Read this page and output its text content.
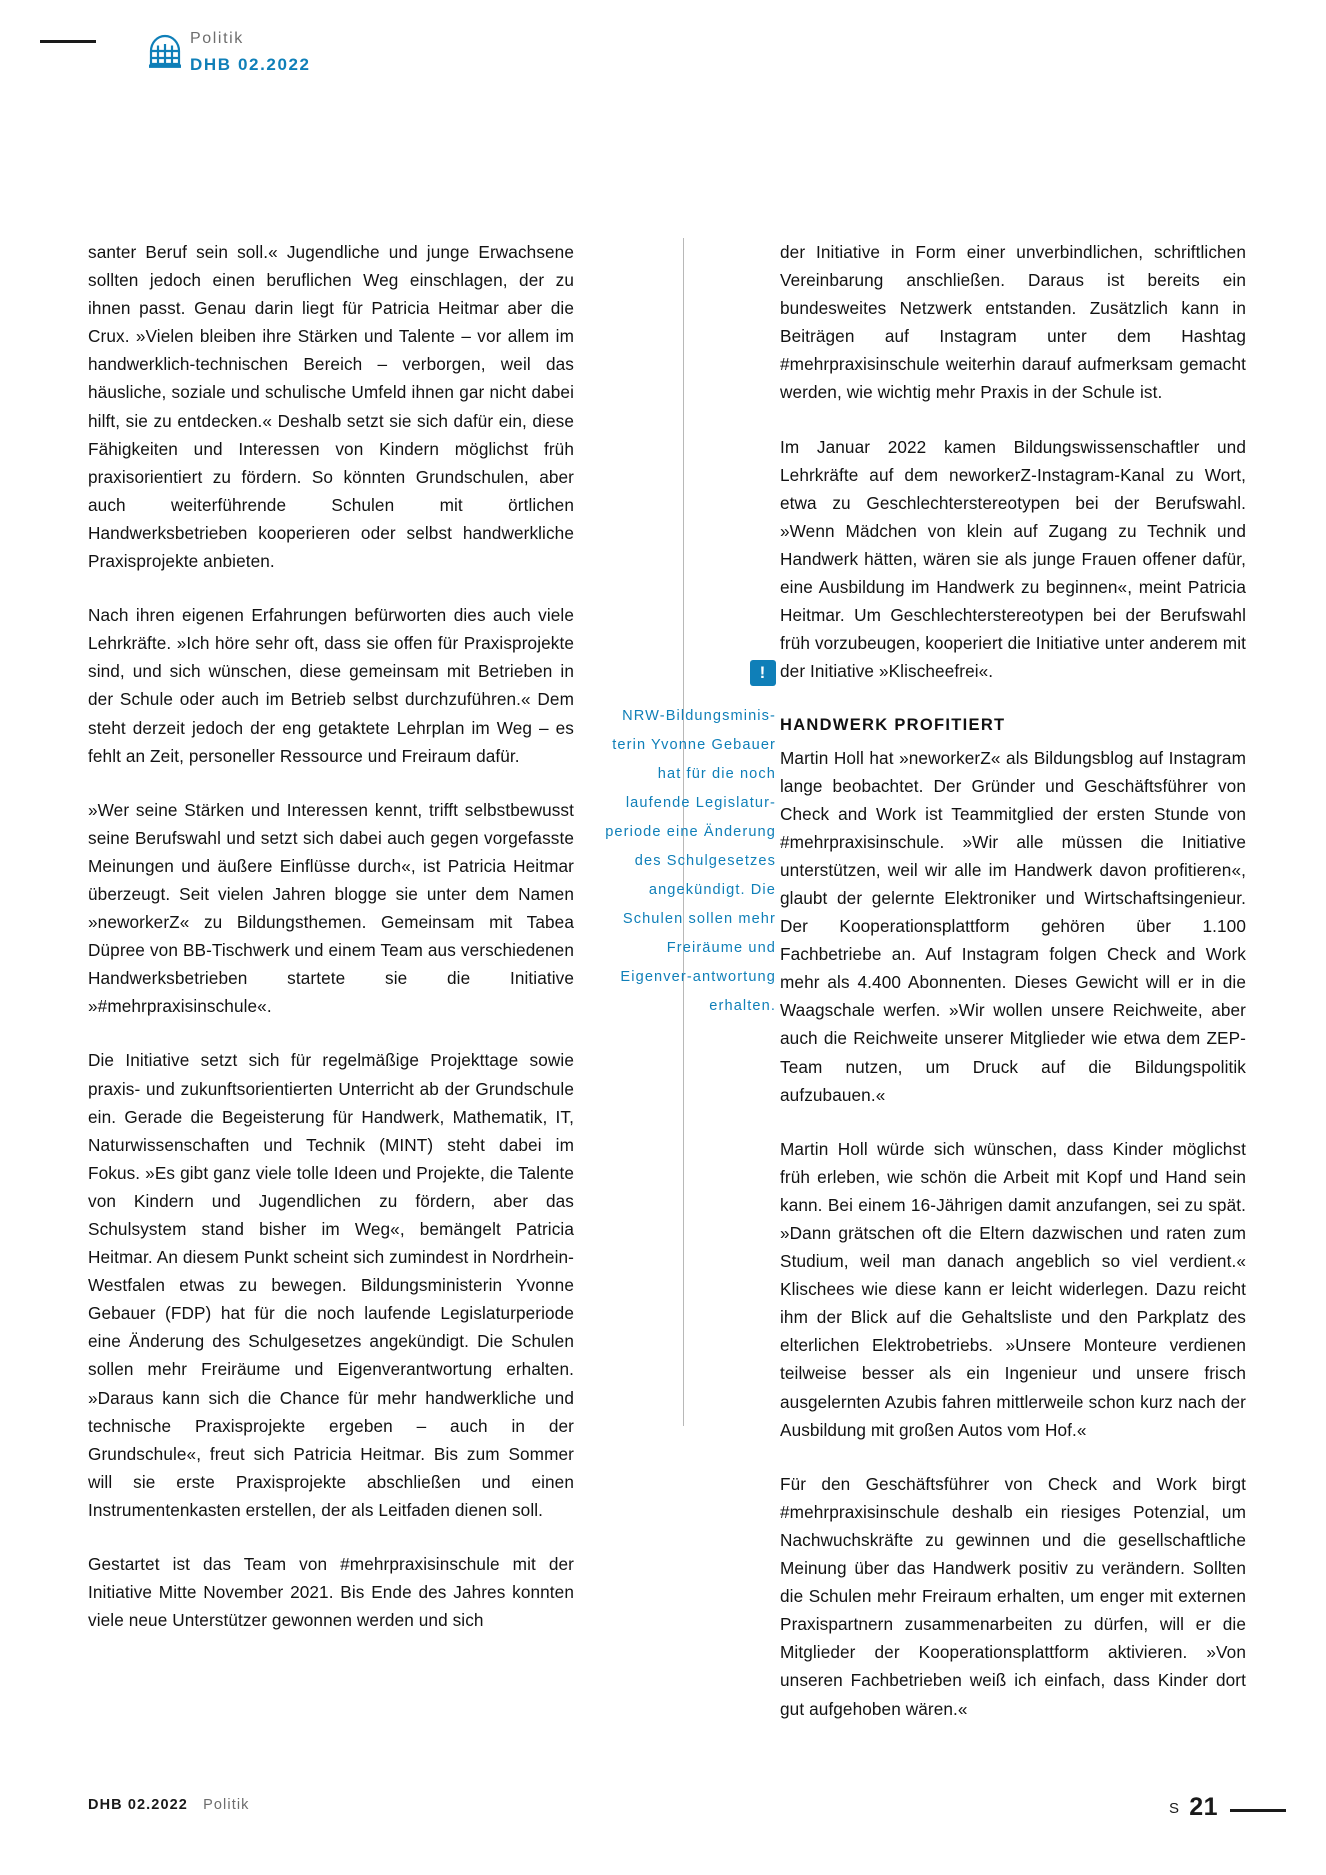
Politik
DHB 02.2022

santer Beruf sein soll.« Jugendliche und junge Erwachsene sollten jedoch einen beruflichen Weg einschlagen, der zu ihnen passt. Genau darin liegt für Patricia Heitmar aber die Crux. »Vielen bleiben ihre Stärken und Talente – vor allem im handwerklich-technischen Bereich – verborgen, weil das häusliche, soziale und schulische Umfeld ihnen gar nicht dabei hilft, sie zu entdecken.« Deshalb setzt sie sich dafür ein, diese Fähigkeiten und Interessen von Kindern möglichst früh praxisorientiert zu fördern. So könnten Grundschulen, aber auch weiterführende Schulen mit örtlichen Handwerksbetrieben kooperieren oder selbst handwerkliche Praxisprojekte anbieten.

Nach ihren eigenen Erfahrungen befürworten dies auch viele Lehrkräfte. »Ich höre sehr oft, dass sie offen für Praxisprojekte sind, und sich wünschen, diese gemeinsam mit Betrieben in der Schule oder auch im Betrieb selbst durchzuführen.« Dem steht derzeit jedoch der eng getaktete Lehrplan im Weg – es fehlt an Zeit, personeller Ressource und Freiraum dafür.

»Wer seine Stärken und Interessen kennt, trifft selbstbewusst seine Berufswahl und setzt sich dabei auch gegen vorgefasste Meinungen und äußere Einflüsse durch«, ist Patricia Heitmar überzeugt. Seit vielen Jahren blogge sie unter dem Namen »neworkerZ« zu Bildungsthemen. Gemeinsam mit Tabea Düpree von BB-Tischwerk und einem Team aus verschiedenen Handwerksbetrieben startete sie die Initiative »#mehrpraxisinschule«.

Die Initiative setzt sich für regelmäßige Projekttage sowie praxis- und zukunftsorientierten Unterricht ab der Grundschule ein. Gerade die Begeisterung für Handwerk, Mathematik, IT, Naturwissenschaften und Technik (MINT) steht dabei im Fokus. »Es gibt ganz viele tolle Ideen und Projekte, die Talente von Kindern und Jugendlichen zu fördern, aber das Schulsystem stand bisher im Weg«, bemängelt Patricia Heitmar. An diesem Punkt scheint sich zumindest in Nordrhein-Westfalen etwas zu bewegen. Bildungsministerin Yvonne Gebauer (FDP) hat für die noch laufende Legislaturperiode eine Änderung des Schulgesetzes angekündigt. Die Schulen sollen mehr Freiräume und Eigenverantwortung erhalten. »Daraus kann sich die Chance für mehr handwerkliche und technische Praxisprojekte ergeben – auch in der Grundschule«, freut sich Patricia Heitmar. Bis zum Sommer will sie erste Praxisprojekte abschließen und einen Instrumentenkasten erstellen, der als Leitfaden dienen soll.

Gestartet ist das Team von #mehrpraxisinschule mit der Initiative Mitte November 2021. Bis Ende des Jahres konnten viele neue Unterstützer gewonnen werden und sich

!
NRW-Bildungsminis-terin Yvonne Gebauer hat für die noch laufende Legislatur-periode eine Änderung des Schulgesetzes angekündigt. Die Schulen sollen mehr Freiräume und Eigenver-antwortung erhalten.

der Initiative in Form einer unverbindlichen, schriftlichen Vereinbarung anschließen. Daraus ist bereits ein bundesweites Netzwerk entstanden. Zusätzlich kann in Beiträgen auf Instagram unter dem Hashtag #mehrpraxisinschule weiterhin darauf aufmerksam gemacht werden, wie wichtig mehr Praxis in der Schule ist.

Im Januar 2022 kamen Bildungswissenschaftler und Lehrkräfte auf dem neworkerZ-Instagram-Kanal zu Wort, etwa zu Geschlechterstereotypen bei der Berufswahl. »Wenn Mädchen von klein auf Zugang zu Technik und Handwerk hätten, wären sie als junge Frauen offener dafür, eine Ausbildung im Handwerk zu beginnen«, meint Patricia Heitmar. Um Geschlechterstereotypen bei der Berufswahl früh vorzubeugen, kooperiert die Initiative unter anderem mit der Initiative »Klischeefrei«.

HANDWERK PROFITIERT

Martin Holl hat »neworkerZ« als Bildungsblog auf Instagram lange beobachtet. Der Gründer und Geschäftsführer von Check and Work ist Teammitglied der ersten Stunde von #mehrpraxisinschule. »Wir alle müssen die Initiative unterstützen, weil wir alle im Handwerk davon profitieren«, glaubt der gelernte Elektroniker und Wirtschaftsingenieur. Der Kooperationsplattform gehören über 1.100 Fachbetriebe an. Auf Instagram folgen Check and Work mehr als 4.400 Abonnenten. Dieses Gewicht will er in die Waagschale werfen. »Wir wollen unsere Reichweite, aber auch die Reichweite unserer Mitglieder wie etwa dem ZEP-Team nutzen, um Druck auf die Bildungspolitik aufzubauen.«

Martin Holl würde sich wünschen, dass Kinder möglichst früh erleben, wie schön die Arbeit mit Kopf und Hand sein kann. Bei einem 16-Jährigen damit anzufangen, sei zu spät. »Dann grätschen oft die Eltern dazwischen und raten zum Studium, weil man danach angeblich so viel verdient.« Klischees wie diese kann er leicht widerlegen. Dazu reicht ihm der Blick auf die Gehaltsliste und den Parkplatz des elterlichen Elektrobetriebs. »Unsere Monteure verdienen teilweise besser als ein Ingenieur und unsere frisch ausgelernten Azubis fahren mittlerweile schon kurz nach der Ausbildung mit großen Autos vom Hof.«

Für den Geschäftsführer von Check and Work birgt #mehrpraxisinschule deshalb ein riesiges Potenzial, um Nachwuchskräfte zu gewinnen und die gesellschaftliche Meinung über das Handwerk positiv zu verändern. Sollten die Schulen mehr Freiraum erhalten, um enger mit externen Praxispartnern zusammenarbeiten zu dürfen, will er die Mitglieder der Kooperationsplattform aktivieren. »Von unseren Fachbetrieben weiß ich einfach, dass Kinder dort gut aufgehoben wären.«

DHB 02.2022 Politik	S 21
